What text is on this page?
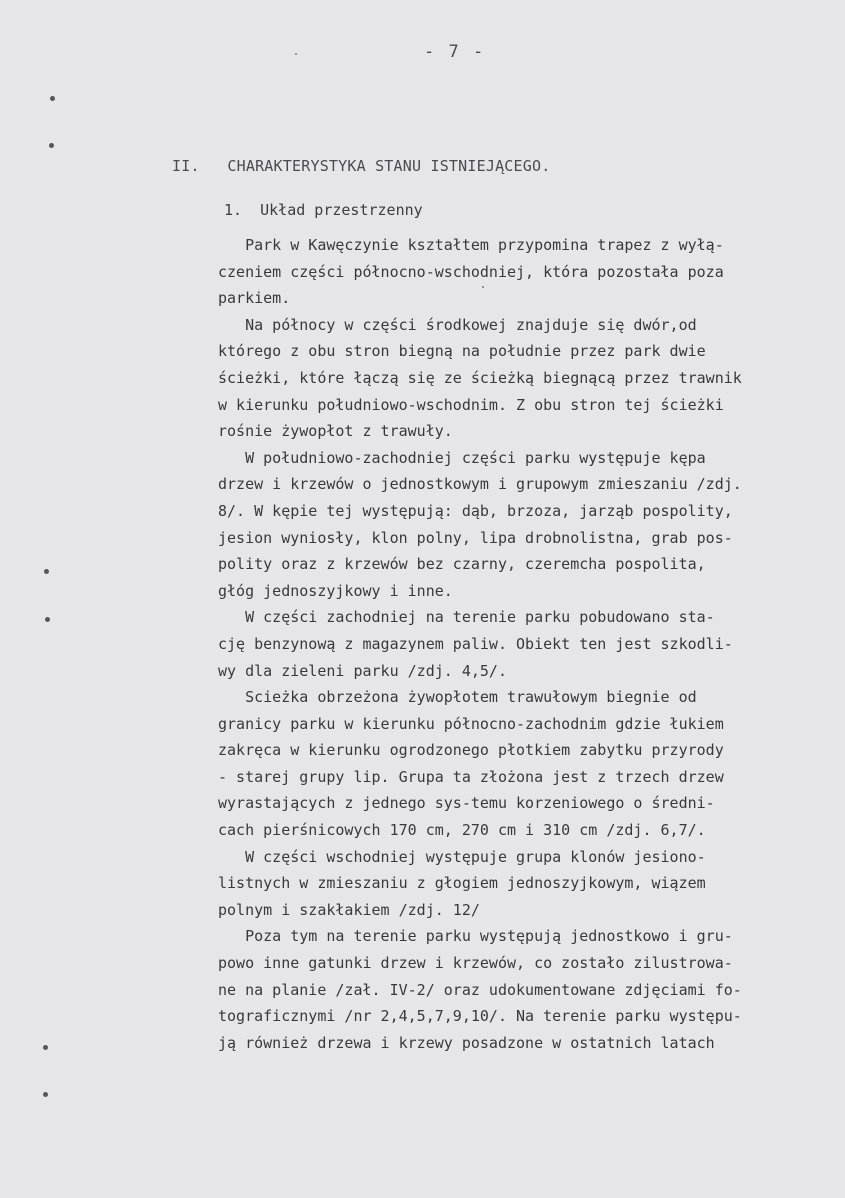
- 7 -
II.   CHARAKTERYSTYKA STANU ISTNIEJĄCEGO.
1.  Układ przestrzenny
Park w Kawęczynie kształtem przypomina trapez z wyłą-
czeniem części północno-wschodniej, która pozostała poza
parkiem.
Na północy w części środkowej znajduje się dwór,od
którego z obu stron biegną na południe przez park dwie
ścieżki, które łączą się ze ścieżką biegnącą przez trawnik
w kierunku południowo-wschodnim. Z obu stron tej ścieżki
rośnie żywopłot z trawuły.
W południowo-zachodniej części parku występuje kępa
drzew i krzewów o jednostkowym i grupowym zmieszaniu /zdj.
8/. W kępie tej występują: dąb, brzoza, jarząb pospolity,
jesion wyniosły, klon polny, lipa drobnolistna, grab pos-
polity oraz z krzewów bez czarny, czeremcha pospolita,
głóg jednoszyjkowy i inne.
W części zachodniej na terenie parku pobudowano sta-
cję benzynową z magazynem paliw. Obiekt ten jest szkodli-
wy dla zieleni parku /zdj. 4,5/.
Scieżka obrzeżona żywopłotem trawułowym biegnie od
granicy parku w kierunku północno-zachodnim gdzie łukiem
zakręca w kierunku ogrodzonego płotkiem zabytku przyrody
- starej grupy lip. Grupa ta złożona jest z trzech drzew
wyrastających z jednego sys-temu korzeniowego o średni-
cach pierśnicowych 170 cm, 270 cm i 310 cm /zdj. 6,7/.
W części wschodniej występuje grupa klonów jesiono-
listnych w zmieszaniu z głogiem jednoszyjkowym, wiązem
polnym i szakłakiem /zdj. 12/
Poza tym na terenie parku występują jednostkowo i gru-
powo inne gatunki drzew i krzewów, co zostało zilustrowa-
ne na planie /zał. IV-2/ oraz udokumentowane zdjęciami fo-
tograficznymi /nr 2,4,5,7,9,10/. Na terenie parku występu-
ją również drzewa i krzewy posadzone w ostatnich latach
